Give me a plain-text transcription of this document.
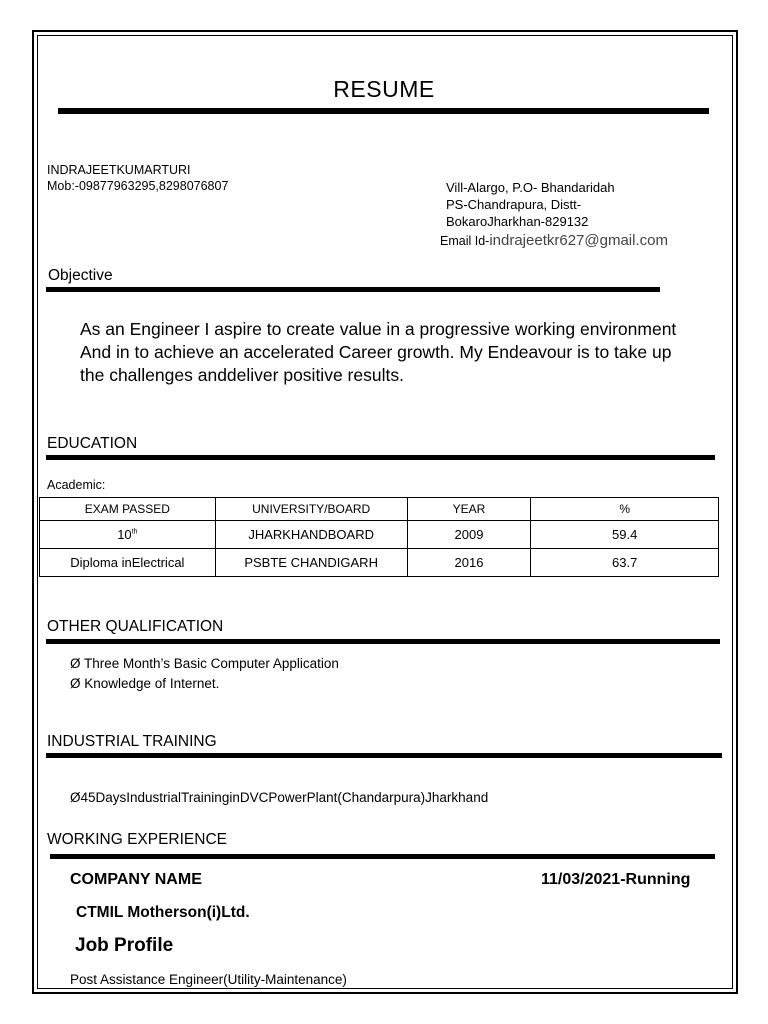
RESUME
INDRAJEETKUMARTURI
Mob:-09877963295,8298076807	Vill-Alargo, P.O- Bhandaridah
PS-Chandrapura, Distt-
BokaroJharkhan-829132
Email Id-indrajeetkr627@gmail.com
Objective
As an Engineer I aspire to create value in a progressive working environment And in to achieve an accelerated Career growth. My Endeavour is to take up the challenges anddeliver positive results.
EDUCATION
Academic:
EXAM PASSED	UNIVERSITY/BOARD	YEAR	%
10th	JHARKHANDBOARD	2009	59.4
Diploma inElectrical	PSBTE CHANDIGARH	2016	63.7
OTHER QUALIFICATION
Ø Three Month’s Basic Computer Application
Ø Knowledge of Internet.
INDUSTRIAL TRAINING
Ø45DaysIndustrialTraininginDVCPowerPlant(Chandarpura)Jharkhand
WORKING EXPERIENCE
COMPANY NAME	11/03/2021-Running
CTMIL Motherson(i)Ltd.
Job Profile
Post Assistance Engineer(Utility-Maintenance)
